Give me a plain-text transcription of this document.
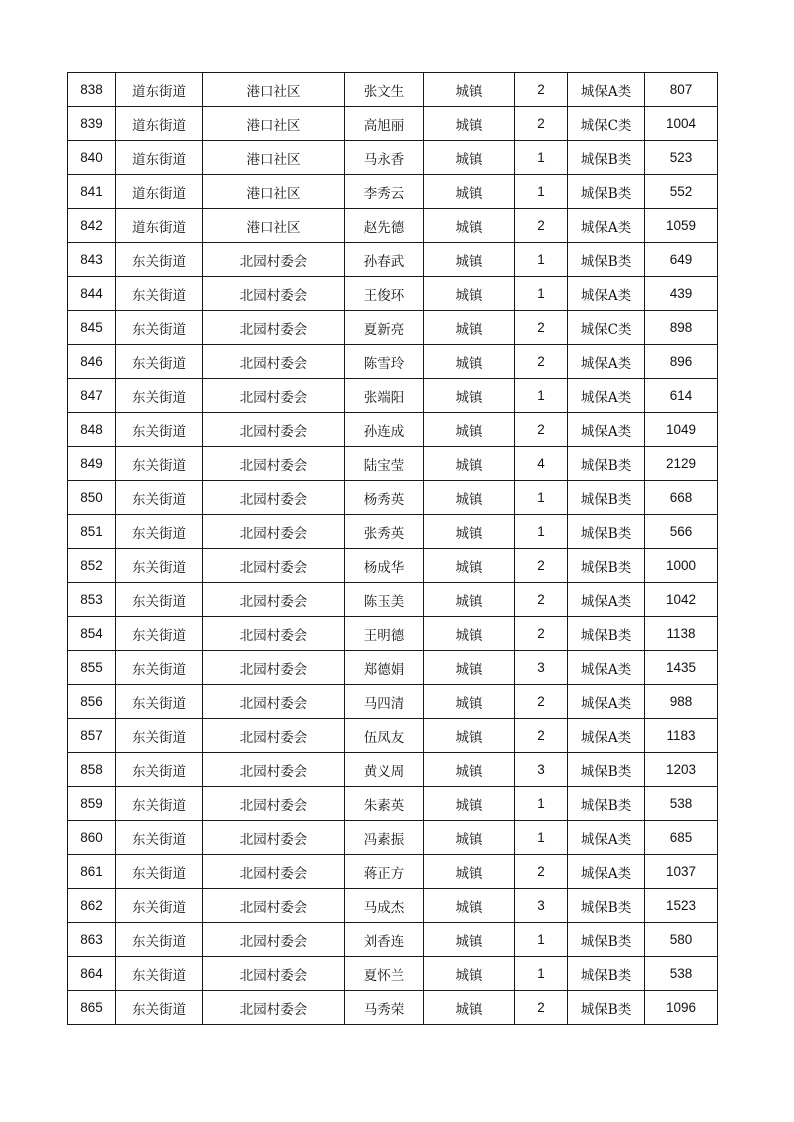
838	道东街道	港口社区	张文生	城镇	2	城保A类	807
839	道东街道	港口社区	高旭丽	城镇	2	城保C类	1004
840	道东街道	港口社区	马永香	城镇	1	城保B类	523
841	道东街道	港口社区	李秀云	城镇	1	城保B类	552
842	道东街道	港口社区	赵先德	城镇	2	城保A类	1059
843	东关街道	北园村委会	孙春武	城镇	1	城保B类	649
844	东关街道	北园村委会	王俊环	城镇	1	城保A类	439
845	东关街道	北园村委会	夏新亮	城镇	2	城保C类	898
846	东关街道	北园村委会	陈雪玲	城镇	2	城保A类	896
847	东关街道	北园村委会	张端阳	城镇	1	城保A类	614
848	东关街道	北园村委会	孙连成	城镇	2	城保A类	1049
849	东关街道	北园村委会	陆宝莹	城镇	4	城保B类	2129
850	东关街道	北园村委会	杨秀英	城镇	1	城保B类	668
851	东关街道	北园村委会	张秀英	城镇	1	城保B类	566
852	东关街道	北园村委会	杨成华	城镇	2	城保B类	1000
853	东关街道	北园村委会	陈玉美	城镇	2	城保A类	1042
854	东关街道	北园村委会	王明德	城镇	2	城保B类	1138
855	东关街道	北园村委会	郑德娟	城镇	3	城保A类	1435
856	东关街道	北园村委会	马四清	城镇	2	城保A类	988
857	东关街道	北园村委会	伍凤友	城镇	2	城保A类	1183
858	东关街道	北园村委会	黄义周	城镇	3	城保B类	1203
859	东关街道	北园村委会	朱素英	城镇	1	城保B类	538
860	东关街道	北园村委会	冯素振	城镇	1	城保A类	685
861	东关街道	北园村委会	蒋正方	城镇	2	城保A类	1037
862	东关街道	北园村委会	马成杰	城镇	3	城保B类	1523
863	东关街道	北园村委会	刘香连	城镇	1	城保B类	580
864	东关街道	北园村委会	夏怀兰	城镇	1	城保B类	538
865	东关街道	北园村委会	马秀荣	城镇	2	城保B类	1096
